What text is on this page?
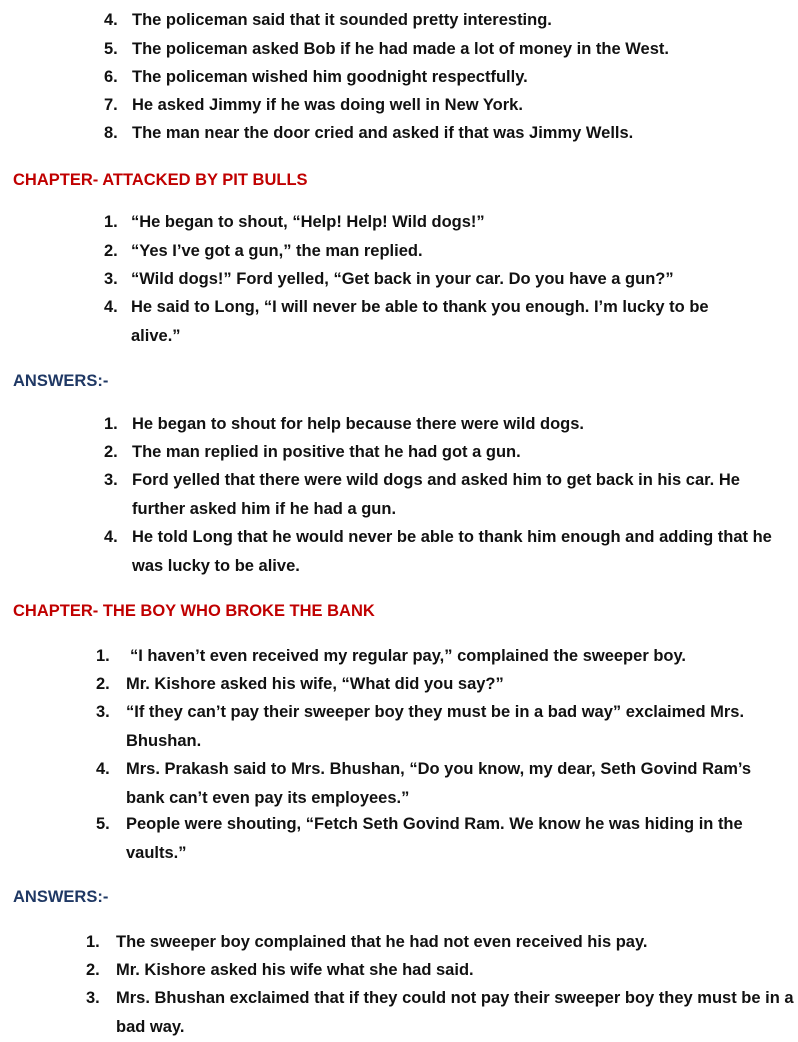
4. The policeman said that it sounded pretty interesting.
5. The policeman asked Bob if he had made a lot of money in the West.
6. The policeman wished him goodnight respectfully.
7. He asked Jimmy if he was doing well in New York.
8. The man near the door cried and asked if that was Jimmy Wells.
CHAPTER- ATTACKED BY PIT BULLS
1. “He began to shout, “Help! Help! Wild dogs!”
2. “Yes I’ve got a gun,” the man replied.
3. “Wild dogs!” Ford yelled, “Get back in your car. Do you have a gun?”
4. He said to Long, “I will never be able to thank you enough. I’m lucky to be alive.”
ANSWERS:-
1. He began to shout for help because there were wild dogs.
2. The man replied in positive that he had got a gun.
3. Ford yelled that there were wild dogs and asked him to get back in his car. He further asked him if he had a gun.
4. He told Long that he would never be able to thank him enough and adding that he was lucky to be alive.
CHAPTER- THE BOY WHO BROKE THE BANK
1.	“I haven’t even received my regular pay,” complained the sweeper boy.
2. Mr. Kishore asked his wife, “What did you say?”
3. “If they can’t pay their sweeper boy they must be in a bad way” exclaimed Mrs. Bhushan.
4. Mrs. Prakash said to Mrs. Bhushan, “Do you know, my dear, Seth Govind Ram’s bank can’t even pay its employees.”
5. People were shouting, “Fetch Seth Govind Ram. We know he was hiding in the vaults.”
ANSWERS:-
1. The sweeper boy complained that he had not even received his pay.
2. Mr. Kishore asked his wife what she had said.
3. Mrs. Bhushan exclaimed that if they could not pay their sweeper boy they must be in a bad way.
